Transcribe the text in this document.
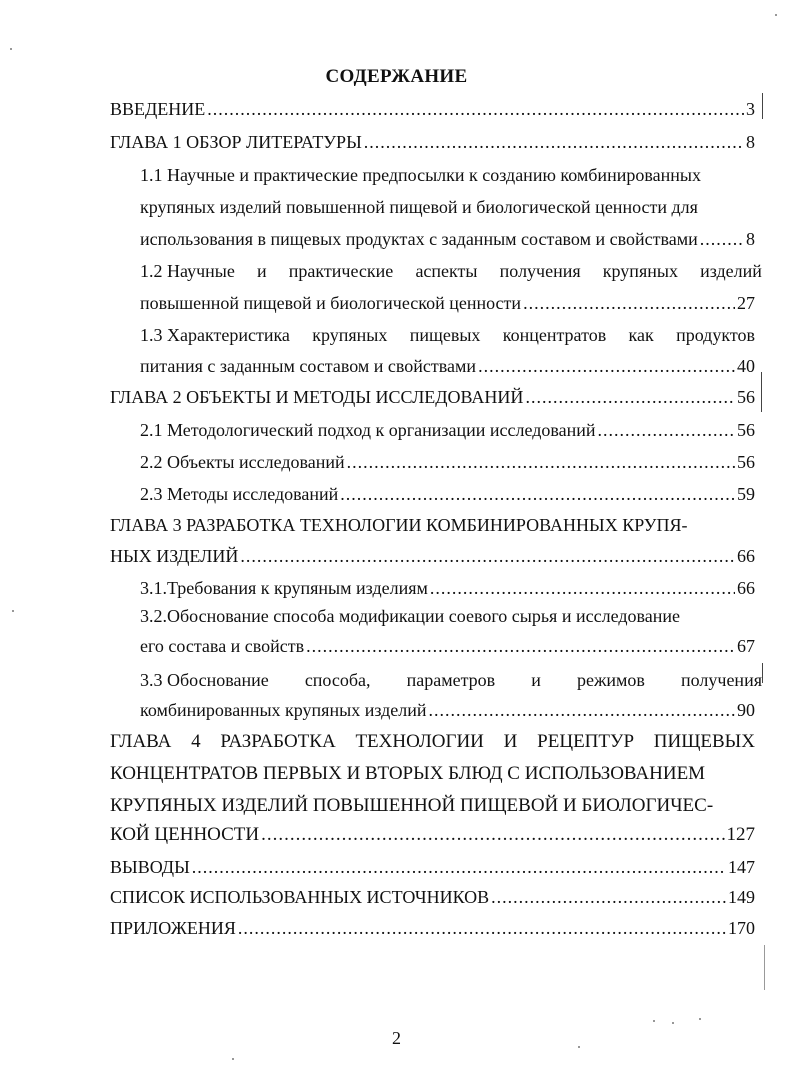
СОДЕРЖАНИЕ
ВВЕДЕНИЕ .....	3
ГЛАВА 1 ОБЗОР ЛИТЕРАТУРЫ .....	8
1.1 Научные и практические предпосылки к созданию комбинированных
крупяных изделий повышенной пищевой и биологической ценности для
использования в пищевых продуктах с заданным составом и свойствами .....	8
1.2 Научные и практические аспекты получения крупяных изделий
повышенной пищевой и биологической ценности .....	27
1.3 Характеристика крупяных пищевых концентратов как продуктов
питания с заданным составом и свойствами .....	40
ГЛАВА 2 ОБЪЕКТЫ И МЕТОДЫ ИССЛЕДОВАНИЙ .....	56
2.1 Методологический подход к организации исследований .....	56
2.2 Объекты исследований .....	56
2.3 Методы исследований .....	59
ГЛАВА 3 РАЗРАБОТКА ТЕХНОЛОГИИ КОМБИНИРОВАННЫХ КРУПЯ-
НЫХ ИЗДЕЛИЙ .....	66
3.1.Требования к крупяным изделиям .....	66
3.2.Обоснование способа модификации соевого сырья и исследование
его состава и свойств .....	67
3.3 Обоснование способа, параметров и режимов получения
комбинированных крупяных изделий .....	90
ГЛАВА 4 РАЗРАБОТКА ТЕХНОЛОГИИ И РЕЦЕПТУР ПИЩЕВЫХ
КОНЦЕНТРАТОВ ПЕРВЫХ И ВТОРЫХ БЛЮД С ИСПОЛЬЗОВАНИЕМ
КРУПЯНЫХ ИЗДЕЛИЙ ПОВЫШЕННОЙ ПИЩЕВОЙ И БИОЛОГИЧЕС-
КОЙ ЦЕННОСТИ .....	127
ВЫВОДЫ .....	147
СПИСОК ИСПОЛЬЗОВАННЫХ ИСТОЧНИКОВ .....	149
ПРИЛОЖЕНИЯ .....	170
2
